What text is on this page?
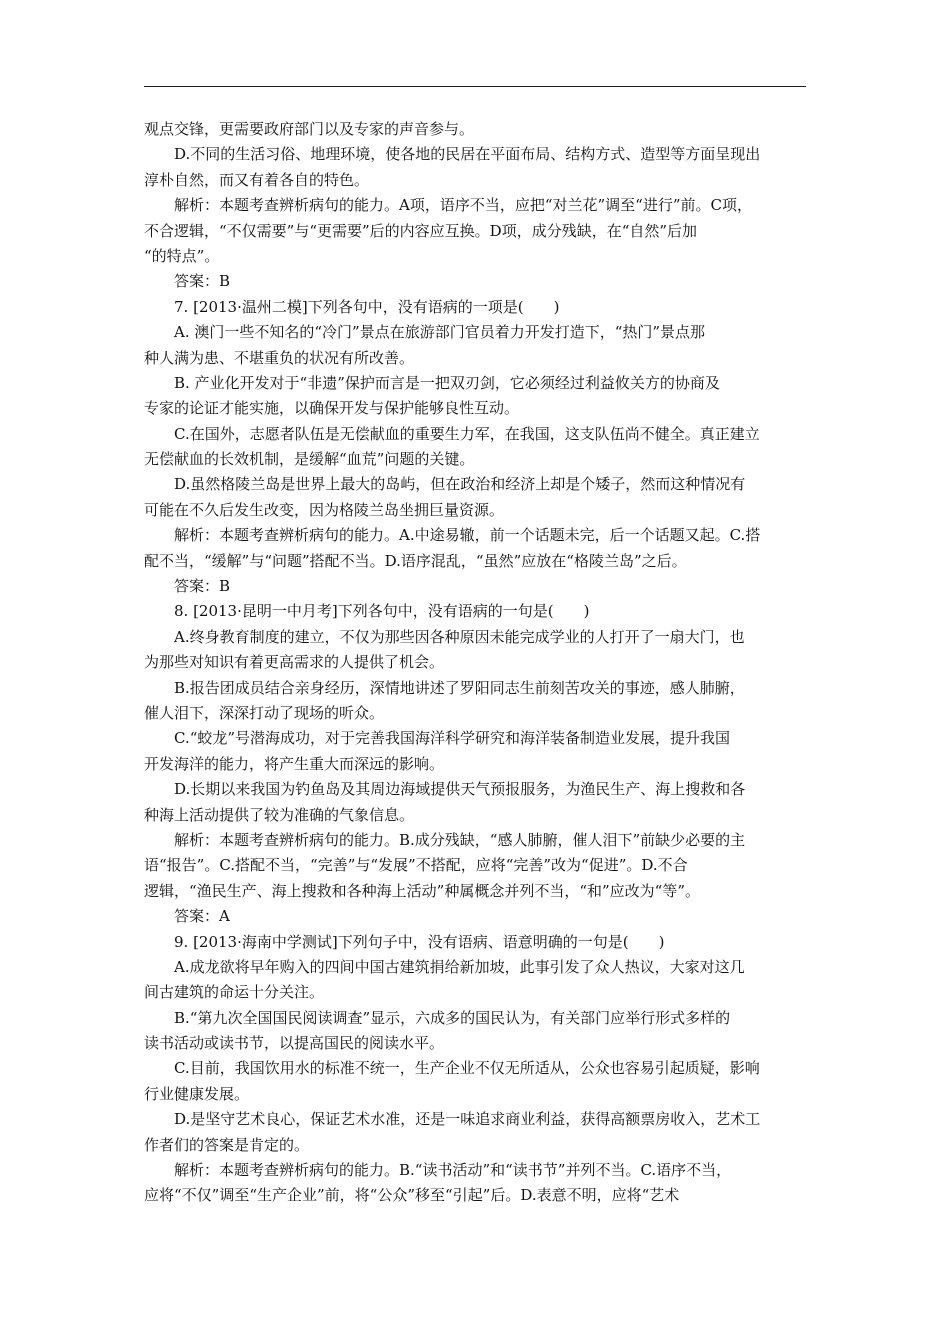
观点交锋，更需要政府部门以及专家的声音参与。
D.不同的生活习俗、地理环境，使各地的民居在平面布局、结构方式、造型等方面呈现出
淳朴自然，而又有着各自的特色。
解析：本题考查辨析病句的能力。A项，语序不当，应把“对兰花”调至“进行”前。C项，
不合逻辑，“不仅需要”与“更需要”后的内容应互换。D项，成分残缺，在“自然”后加
“的特点”。
答案：B
7. [2013·温州二模]下列各句中，没有语病的一项是(　　)
A. 澳门一些不知名的“冷门”景点在旅游部门官员着力开发打造下，“热门”景点那
种人满为患、不堪重负的状况有所改善。
B. 产业化开发对于“非遗”保护而言是一把双刃剑，它必须经过利益攸关方的协商及
专家的论证才能实施，以确保开发与保护能够良性互动。
C.在国外，志愿者队伍是无偿献血的重要生力军，在我国，这支队伍尚不健全。真正建立
无偿献血的长效机制，是缓解“血荒”问题的关键。
D.虽然格陵兰岛是世界上最大的岛屿，但在政治和经济上却是个矮子，然而这种情况有
可能在不久后发生改变，因为格陵兰岛坐拥巨量资源。
解析：本题考查辨析病句的能力。A.中途易辙，前一个话题未完，后一个话题又起。C.搭
配不当，“缓解”与“问题”搭配不当。D.语序混乱，“虽然”应放在“格陵兰岛”之后。
答案：B
8. [2013·昆明一中月考]下列各句中，没有语病的一句是(　　)
A.终身教育制度的建立，不仅为那些因各种原因未能完成学业的人打开了一扇大门，也
为那些对知识有着更高需求的人提供了机会。
B.报告团成员结合亲身经历，深情地讲述了罗阳同志生前刻苦攻关的事迹，感人肺腑，
催人泪下，深深打动了现场的听众。
C.“蛟龙”号潜海成功，对于完善我国海洋科学研究和海洋装备制造业发展，提升我国
开发海洋的能力，将产生重大而深远的影响。
D.长期以来我国为钓鱼岛及其周边海域提供天气预报服务，为渔民生产、海上搜救和各
种海上活动提供了较为准确的气象信息。
解析：本题考查辨析病句的能力。B.成分残缺，“感人肺腑，催人泪下”前缺少必要的主
语“报告”。C.搭配不当，“完善”与“发展”不搭配，应将“完善”改为“促进”。D.不合
逻辑，“渔民生产、海上搜救和各种海上活动”种属概念并列不当，“和”应改为“等”。
答案：A
9. [2013·海南中学测试]下列句子中，没有语病、语意明确的一句是(　　)
A.成龙欲将早年购入的四间中国古建筑捐给新加坡，此事引发了众人热议，大家对这几
间古建筑的命运十分关注。
B.“第九次全国国民阅读调查”显示，六成多的国民认为，有关部门应举行形式多样的
读书活动或读书节，以提高国民的阅读水平。
C.目前，我国饮用水的标准不统一，生产企业不仅无所适从，公众也容易引起质疑，影响
行业健康发展。
D.是坚守艺术良心，保证艺术水准，还是一味追求商业利益，获得高额票房收入，艺术工
作者们的答案是肯定的。
解析：本题考查辨析病句的能力。B.“读书活动”和“读书节”并列不当。C.语序不当，
应将“不仅”调至“生产企业”前，将“公众”移至“引起”后。D.表意不明，应将“艺术
